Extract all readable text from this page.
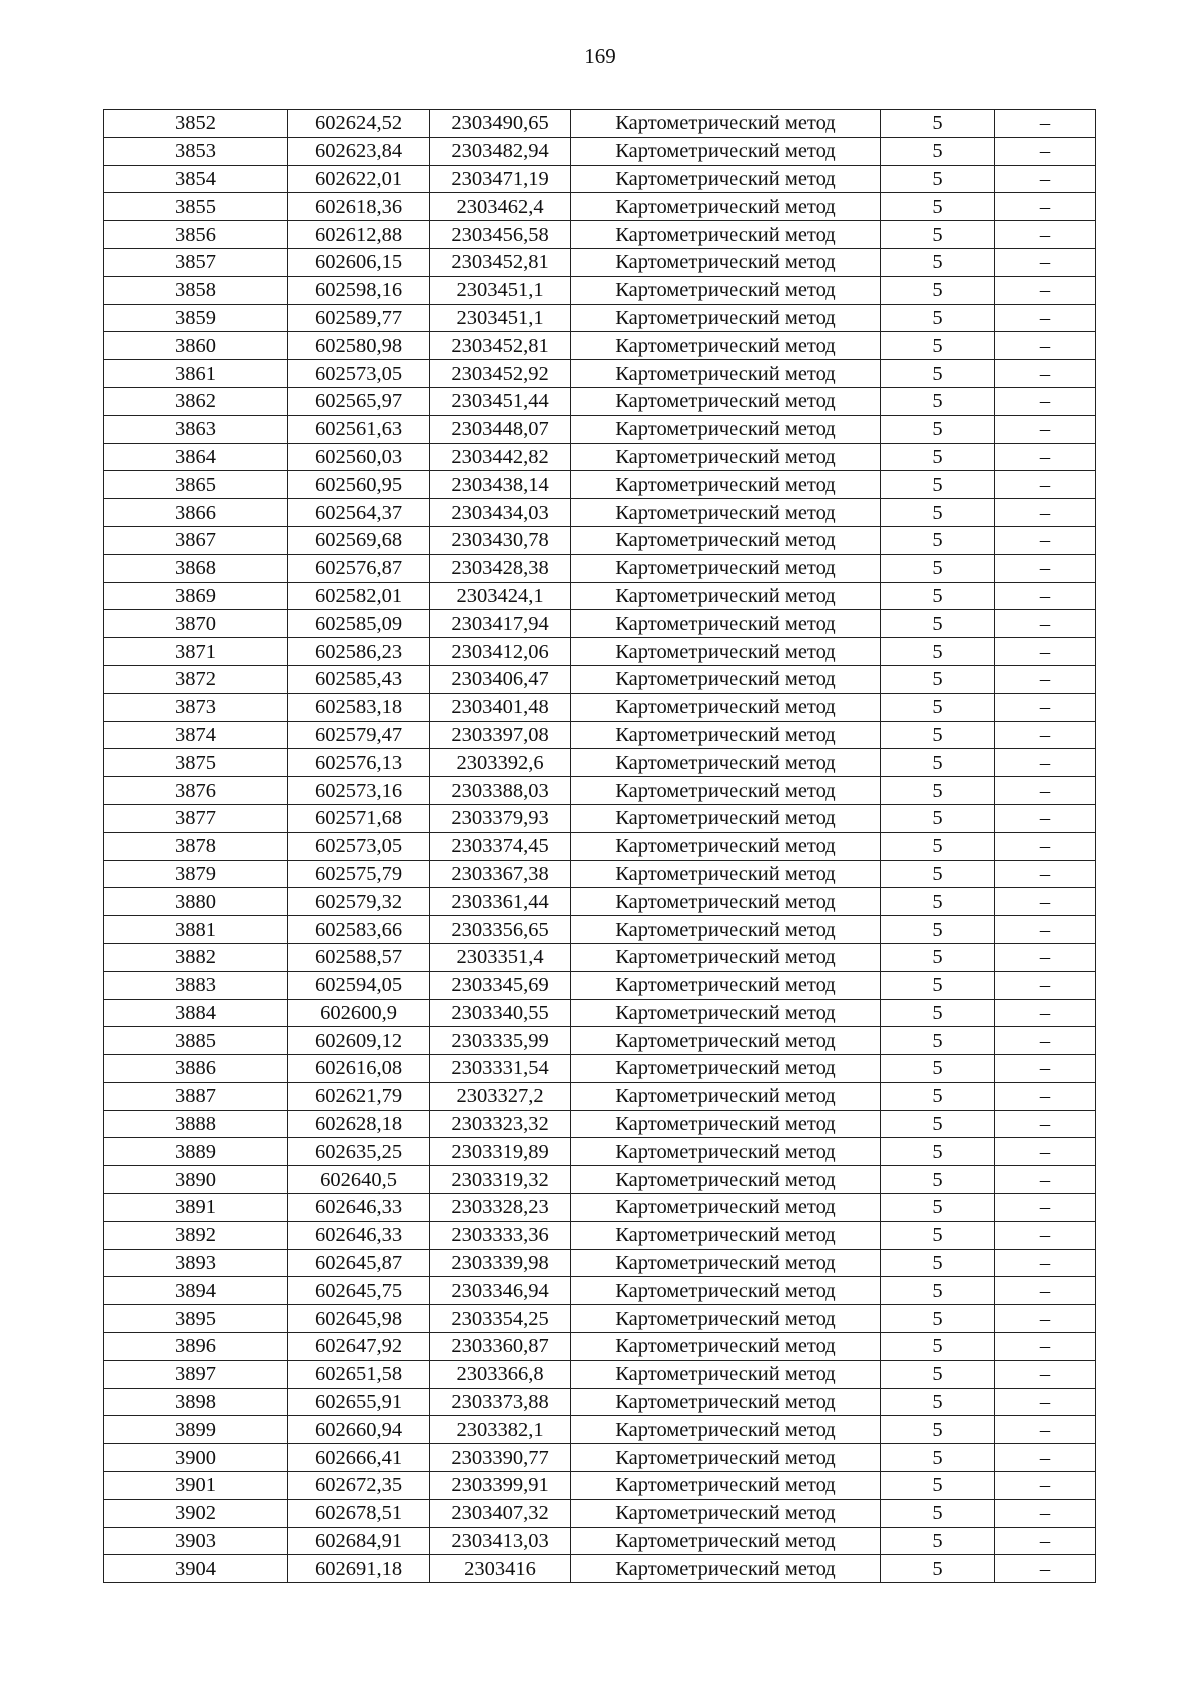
169
3852	602624,52	2303490,65	Картометрический метод	5	–
3853	602623,84	2303482,94	Картометрический метод	5	–
3854	602622,01	2303471,19	Картометрический метод	5	–
3855	602618,36	2303462,4	Картометрический метод	5	–
3856	602612,88	2303456,58	Картометрический метод	5	–
3857	602606,15	2303452,81	Картометрический метод	5	–
3858	602598,16	2303451,1	Картометрический метод	5	–
3859	602589,77	2303451,1	Картометрический метод	5	–
3860	602580,98	2303452,81	Картометрический метод	5	–
3861	602573,05	2303452,92	Картометрический метод	5	–
3862	602565,97	2303451,44	Картометрический метод	5	–
3863	602561,63	2303448,07	Картометрический метод	5	–
3864	602560,03	2303442,82	Картометрический метод	5	–
3865	602560,95	2303438,14	Картометрический метод	5	–
3866	602564,37	2303434,03	Картометрический метод	5	–
3867	602569,68	2303430,78	Картометрический метод	5	–
3868	602576,87	2303428,38	Картометрический метод	5	–
3869	602582,01	2303424,1	Картометрический метод	5	–
3870	602585,09	2303417,94	Картометрический метод	5	–
3871	602586,23	2303412,06	Картометрический метод	5	–
3872	602585,43	2303406,47	Картометрический метод	5	–
3873	602583,18	2303401,48	Картометрический метод	5	–
3874	602579,47	2303397,08	Картометрический метод	5	–
3875	602576,13	2303392,6	Картометрический метод	5	–
3876	602573,16	2303388,03	Картометрический метод	5	–
3877	602571,68	2303379,93	Картометрический метод	5	–
3878	602573,05	2303374,45	Картометрический метод	5	–
3879	602575,79	2303367,38	Картометрический метод	5	–
3880	602579,32	2303361,44	Картометрический метод	5	–
3881	602583,66	2303356,65	Картометрический метод	5	–
3882	602588,57	2303351,4	Картометрический метод	5	–
3883	602594,05	2303345,69	Картометрический метод	5	–
3884	602600,9	2303340,55	Картометрический метод	5	–
3885	602609,12	2303335,99	Картометрический метод	5	–
3886	602616,08	2303331,54	Картометрический метод	5	–
3887	602621,79	2303327,2	Картометрический метод	5	–
3888	602628,18	2303323,32	Картометрический метод	5	–
3889	602635,25	2303319,89	Картометрический метод	5	–
3890	602640,5	2303319,32	Картометрический метод	5	–
3891	602646,33	2303328,23	Картометрический метод	5	–
3892	602646,33	2303333,36	Картометрический метод	5	–
3893	602645,87	2303339,98	Картометрический метод	5	–
3894	602645,75	2303346,94	Картометрический метод	5	–
3895	602645,98	2303354,25	Картометрический метод	5	–
3896	602647,92	2303360,87	Картометрический метод	5	–
3897	602651,58	2303366,8	Картометрический метод	5	–
3898	602655,91	2303373,88	Картометрический метод	5	–
3899	602660,94	2303382,1	Картометрический метод	5	–
3900	602666,41	2303390,77	Картометрический метод	5	–
3901	602672,35	2303399,91	Картометрический метод	5	–
3902	602678,51	2303407,32	Картометрический метод	5	–
3903	602684,91	2303413,03	Картометрический метод	5	–
3904	602691,18	2303416	Картометрический метод	5	–
